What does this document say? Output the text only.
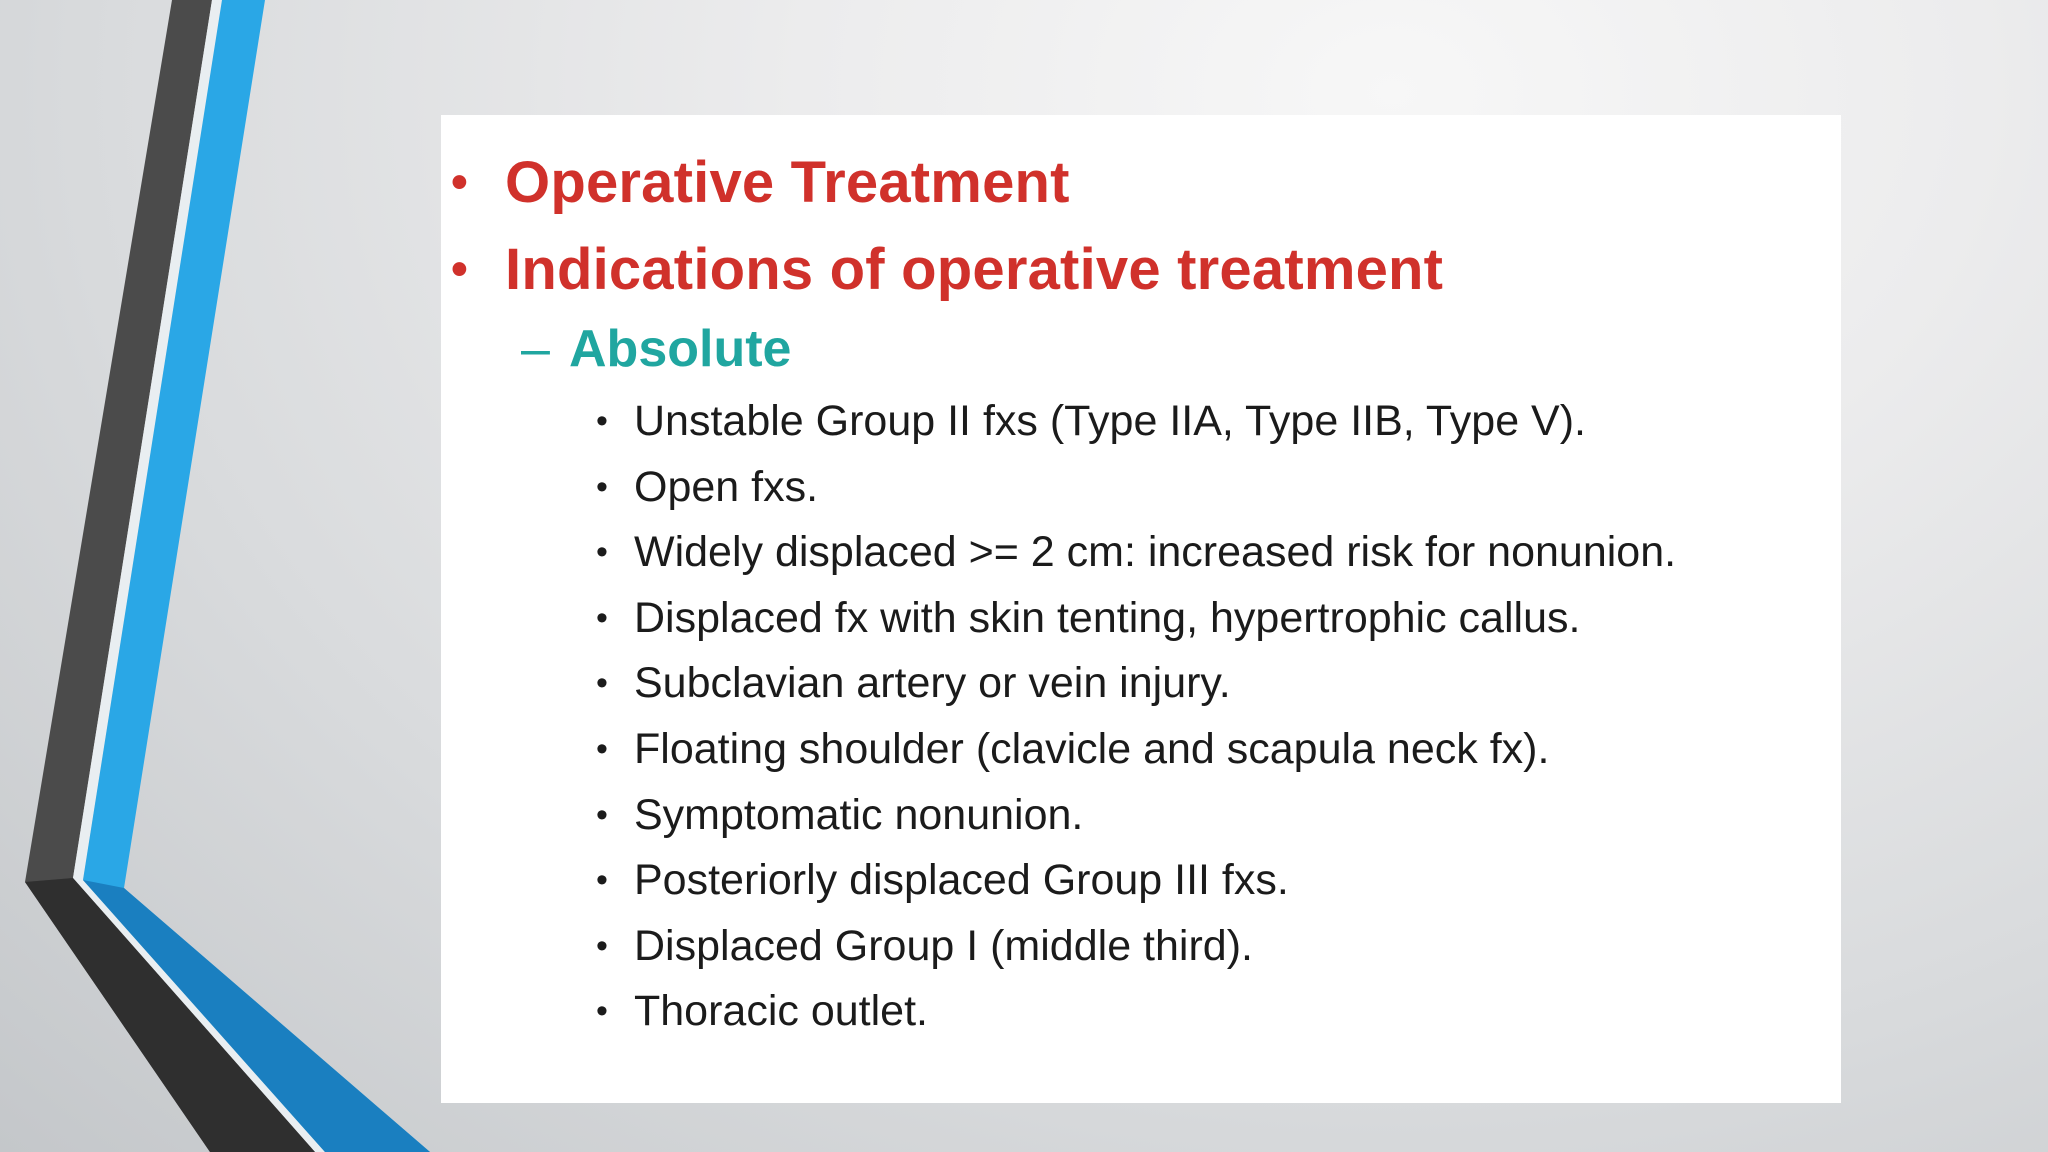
• Operative Treatment
• Indications of operative treatment
– Absolute
• Unstable Group II fxs (Type IIA, Type IIB, Type V).
• Open fxs.
• Widely displaced >= 2 cm: increased risk for nonunion.
• Displaced fx with skin tenting, hypertrophic callus.
• Subclavian artery or vein injury.
• Floating shoulder (clavicle and scapula neck fx).
• Symptomatic nonunion.
• Posteriorly displaced Group III fxs.
• Displaced Group I (middle third).
• Thoracic outlet.
